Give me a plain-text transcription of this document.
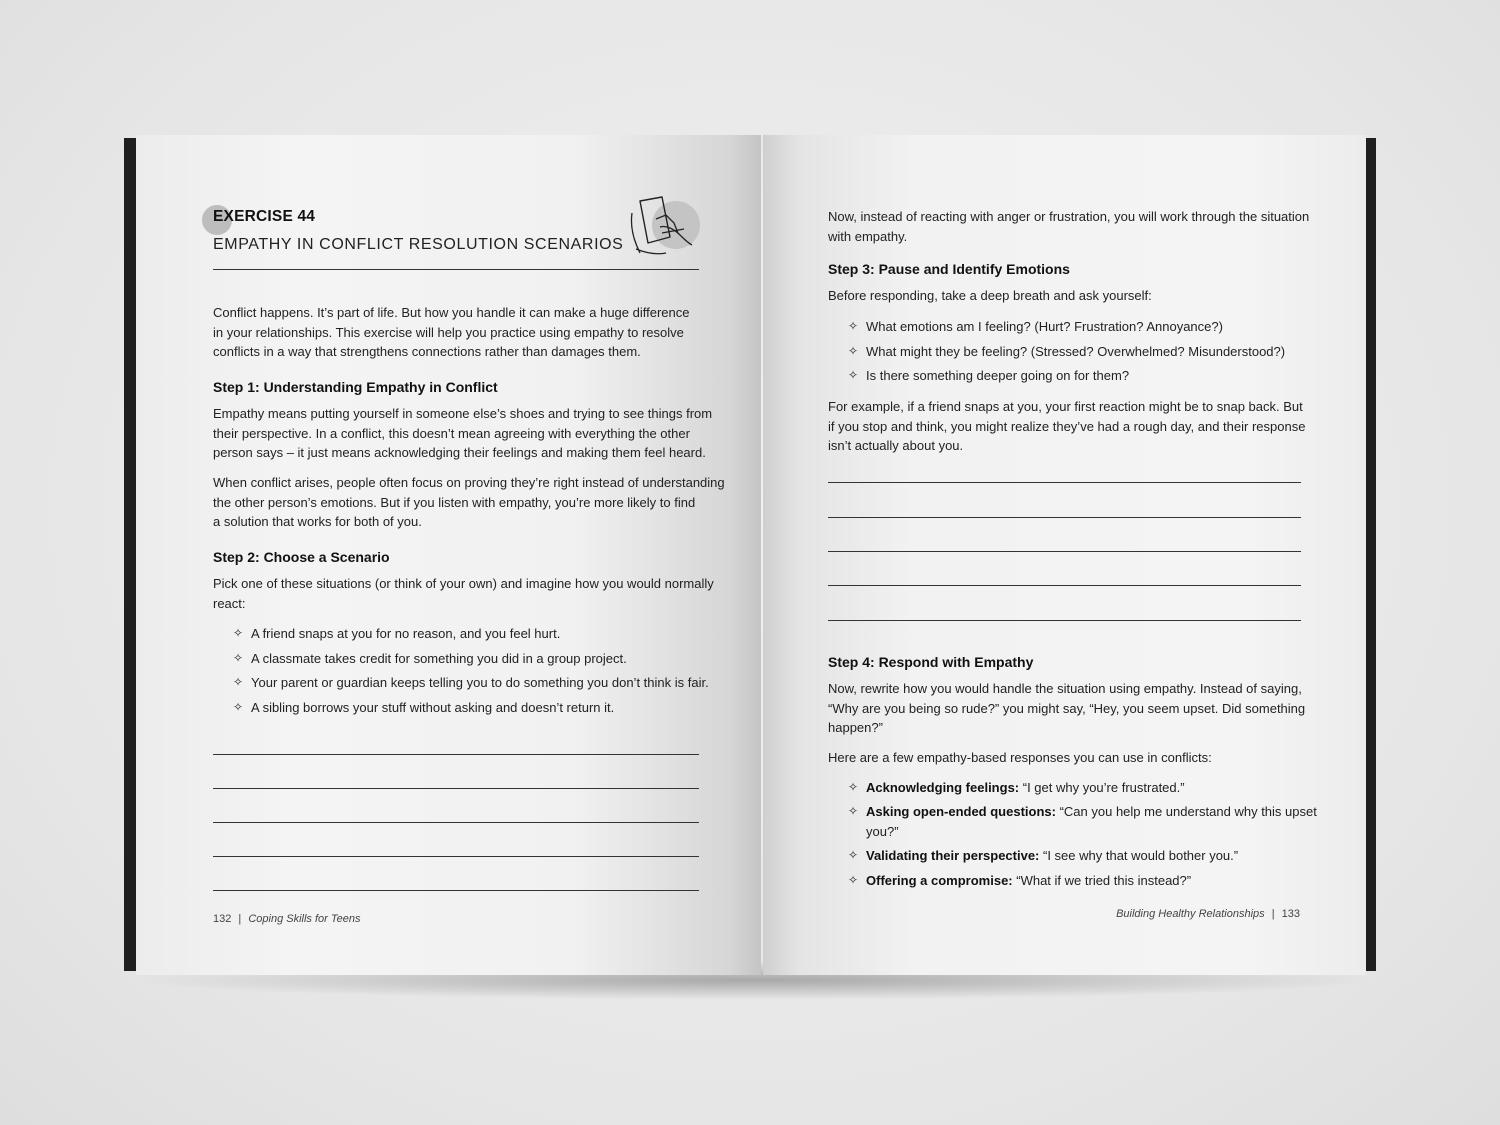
EXERCISE 44
EMPATHY IN CONFLICT RESOLUTION SCENARIOS
Conflict happens. It’s part of life. But how you handle it can make a huge difference
in your relationships. This exercise will help you practice using empathy to resolve
conflicts in a way that strengthens connections rather than damages them.
Step 1: Understanding Empathy in Conflict
Empathy means putting yourself in someone else’s shoes and trying to see things from
their perspective. In a conflict, this doesn’t mean agreeing with everything the other
person says – it just means acknowledging their feelings and making them feel heard.
When conflict arises, people often focus on proving they’re right instead of understanding
the other person’s emotions. But if you listen with empathy, you’re more likely to find
a solution that works for both of you.
Step 2: Choose a Scenario
Pick one of these situations (or think of your own) and imagine how you would normally
react:
✧ A friend snaps at you for no reason, and you feel hurt.
✧ A classmate takes credit for something you did in a group project.
✧ Your parent or guardian keeps telling you to do something you don’t think is fair.
✧ A sibling borrows your stuff without asking and doesn’t return it.
132 | Coping Skills for Teens
Now, instead of reacting with anger or frustration, you will work through the situation
with empathy.
Step 3: Pause and Identify Emotions
Before responding, take a deep breath and ask yourself:
✧ What emotions am I feeling? (Hurt? Frustration? Annoyance?)
✧ What might they be feeling? (Stressed? Overwhelmed? Misunderstood?)
✧ Is there something deeper going on for them?
For example, if a friend snaps at you, your first reaction might be to snap back. But
if you stop and think, you might realize they’ve had a rough day, and their response
isn’t actually about you.
Step 4: Respond with Empathy
Now, rewrite how you would handle the situation using empathy. Instead of saying,
“Why are you being so rude?” you might say, “Hey, you seem upset. Did something
happen?”
Here are a few empathy-based responses you can use in conflicts:
✧ Acknowledging feelings: “I get why you’re frustrated.”
✧ Asking open-ended questions: “Can you help me understand why this upset
you?”
✧ Validating their perspective: “I see why that would bother you.”
✧ Offering a compromise: “What if we tried this instead?”
Building Healthy Relationships | 133
